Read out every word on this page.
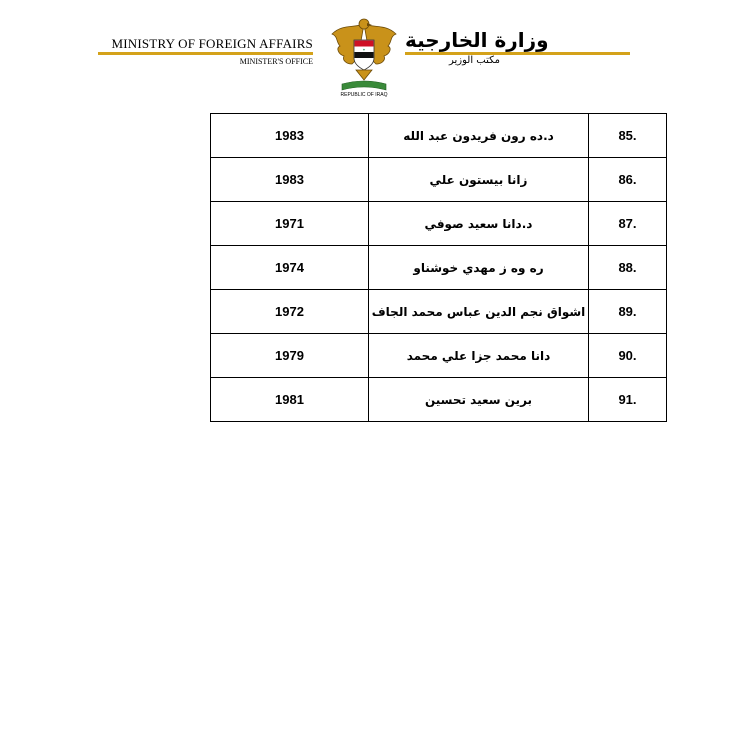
MINISTRY OF FOREIGN AFFAIRS
MINISTER'S OFFICE
وزارة الخارجية
مكتب الوزير
✦
REPUBLIC OF IRAQ
1983	د.ده رون فريدون عبد الله	85.
1983	زانا بيستون علي	86.
1971	د.دانا سعيد صوفي	87.
1974	ره وه ز مهدي خوشناو	88.
1972	اشواق نجم الدين عباس محمد الجاف	89.
1979	دانا محمد جزا علي محمد	90.
1981	برين سعيد تحسين	91.
